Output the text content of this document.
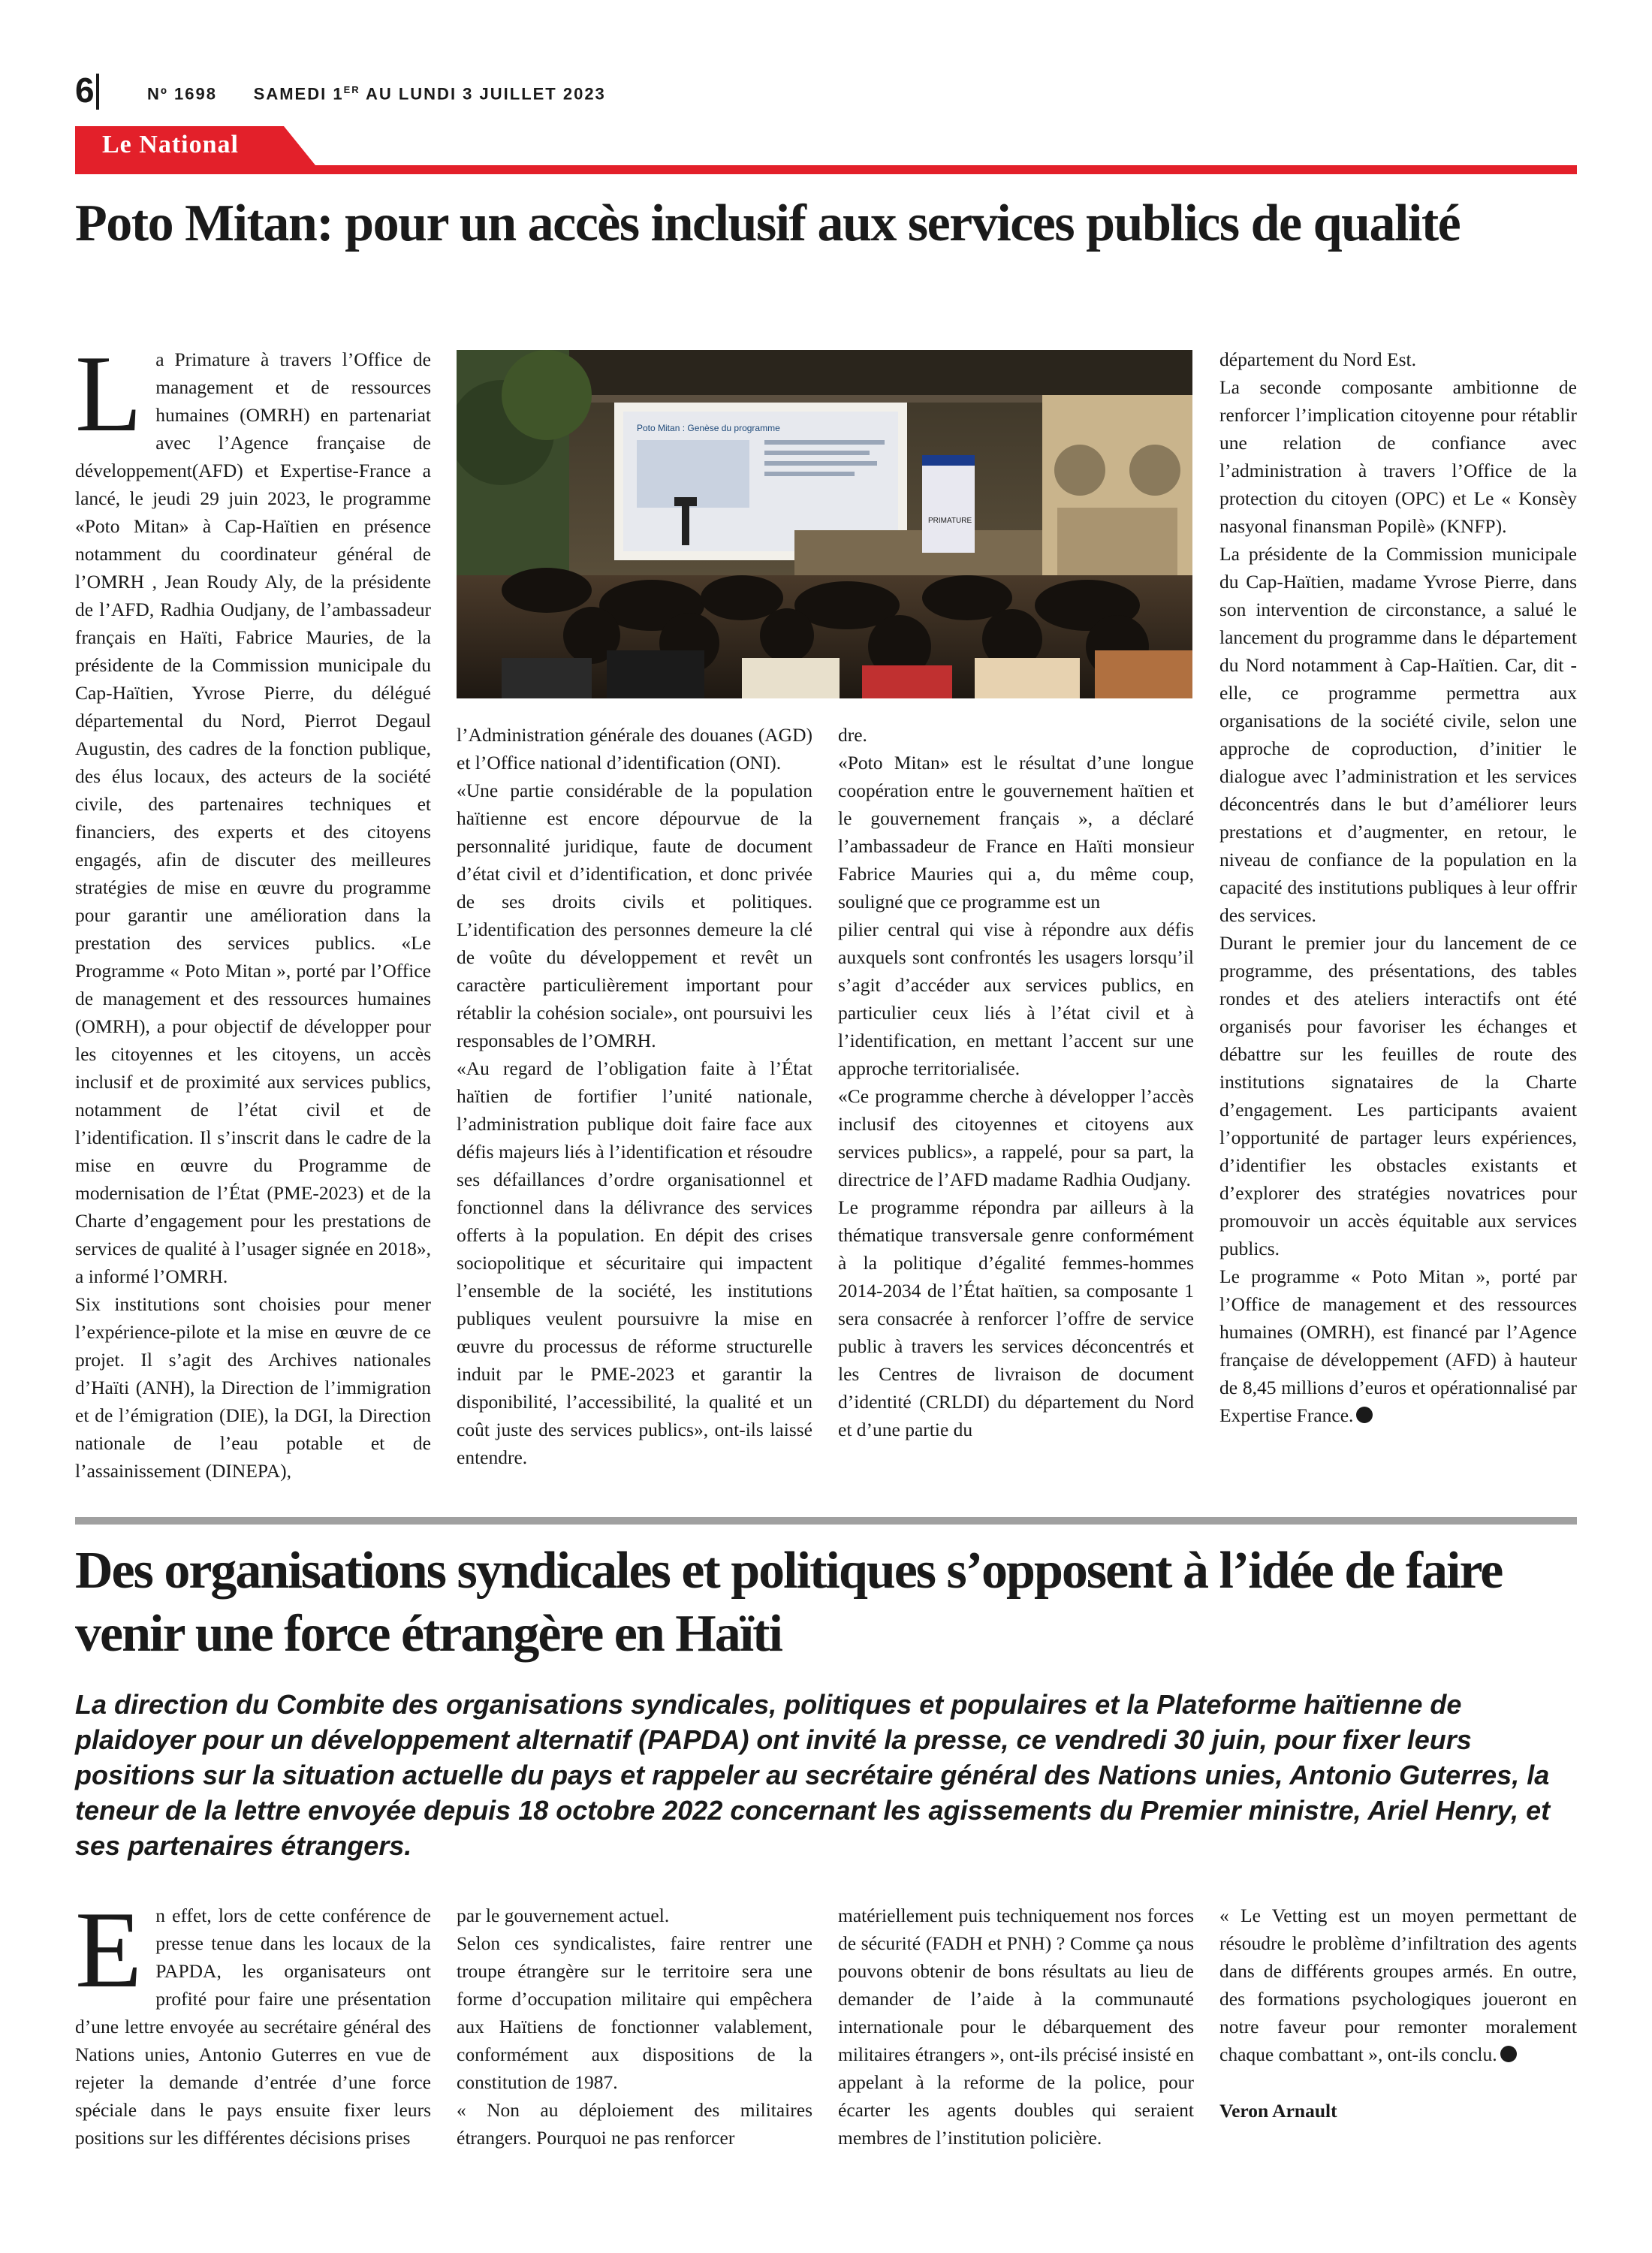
6	Nº 1698 SAMEDI 1ER AU LUNDI 3 JUILLET 2023
Le National
Poto Mitan: pour un accès inclusif aux services publics de qualité

La Primature à travers l’Office de management et de ressources humaines (OMRH) en partenariat avec l’Agence française de développement(AFD) et Expertise-France a lancé, le jeudi 29 juin 2023, le programme «Poto Mitan» à Cap-Haïtien en présence notamment du coordinateur général de l’OMRH , Jean Roudy Aly, de la présidente de l’AFD, Radhia Oudjany, de l’ambassadeur français en Haïti, Fabrice Mauries, de la présidente de la Commission municipale du Cap-Haïtien, Yvrose Pierre, du délégué départemental du Nord, Pierrot Degaul Augustin, des cadres de la fonction publique, des élus locaux, des acteurs de la société civile, des partenaires techniques et financiers, des experts et des citoyens engagés, afin de discuter des meilleures stratégies de mise en œuvre du programme pour garantir une amélioration dans la prestation des services publics. «Le Programme « Poto Mitan », porté par l’Office de management et des ressources humaines (OMRH), a pour objectif de développer pour les citoyennes et les citoyens, un accès inclusif et de proximité aux services publics, notamment de l’état civil et de l’identification. Il s’inscrit dans le cadre de la mise en œuvre du Programme de modernisation de l’État (PME-2023) et de la Charte d’engagement pour les prestations de services de qualité à l’usager signée en 2018», a informé l’OMRH.

Six institutions sont choisies pour mener l’expérience-pilote et la mise en œuvre de ce projet. Il s’agit des Archives nationales d’Haïti (ANH), la Direction de l’immigration et de l’émigration (DIE), la DGI, la Direction nationale de l’eau potable et de l’assainissement (DINEPA),

Poto Mitan : Genèse du programme
PRIMATURE

l’Administration générale des douanes (AGD) et l’Office national d’identification (ONI).

«Une partie considérable de la population haïtienne est encore dépourvue de la personnalité juridique, faute de document d’état civil et d’identification, et donc privée de ses droits civils et politiques. L’identification des personnes demeure la clé de voûte du développement et revêt un caractère particulièrement important pour rétablir la cohésion sociale», ont poursuivi les responsables de l’OMRH.

«Au regard de l’obligation faite à l’État haïtien de fortifier l’unité nationale, l’administration publique doit faire face aux défis majeurs liés à l’identification et résoudre ses défaillances d’ordre organisationnel et fonctionnel dans la délivrance des services offerts à la population. En dépit des crises sociopolitique et sécuritaire qui impactent l’ensemble de la société, les institutions publiques veulent poursuivre la mise en œuvre du processus de réforme structurelle induit par le PME-2023 et garantir la disponibilité, l’accessibilité, la qualité et un coût juste des services publics», ont-ils laissé entendre.

dre.

«Poto Mitan» est le résultat d’une longue coopération entre le gouvernement haïtien et le gouvernement français », a déclaré l’ambassadeur de France en Haïti monsieur Fabrice Mauries qui a, du même coup, souligné que ce programme est un

pilier central qui vise à répondre aux défis auxquels sont confrontés les usagers lorsqu’il s’agit d’accéder aux services publics, en particulier ceux liés à l’état civil et à l’identification, en mettant l’accent sur une approche territorialisée.

«Ce programme cherche à développer l’accès inclusif des citoyennes et citoyens aux services publics», a rappelé, pour sa part, la directrice de l’AFD madame Radhia Oudjany.

Le programme répondra par ailleurs à la thématique transversale genre conformément à la politique d’égalité femmes-hommes 2014-2034 de l’État haïtien, sa composante 1 sera consacrée à renforcer l’offre de service public à travers les services déconcentrés et les Centres de livraison de document d’identité (CRLDI) du département du Nord et d’une partie du

département du Nord Est.

La seconde composante ambitionne de renforcer l’implication citoyenne pour rétablir une relation de confiance avec l’administration à travers l’Office de la protection du citoyen (OPC) et Le « Konsèy nasyonal finansman Popilè» (KNFP).

La présidente de la Commission municipale du Cap-Haïtien, madame Yvrose Pierre, dans son intervention de circonstance, a salué le lancement du programme dans le département du Nord notamment à Cap-Haïtien. Car, dit -elle, ce programme permettra aux organisations de la société civile, selon une approche de coproduction, d’initier le dialogue avec l’administration et les services déconcentrés dans le but d’améliorer leurs prestations et d’augmenter, en retour, le niveau de confiance de la population en la capacité des institutions publiques à leur offrir des services.

Durant le premier jour du lancement de ce programme, des présentations, des tables rondes et des ateliers interactifs ont été organisés pour favoriser les échanges et débattre sur les feuilles de route des institutions signataires de la Charte d’engagement. Les participants avaient l’opportunité de partager leurs expériences, d’identifier les obstacles existants et d’explorer des stratégies novatrices pour promouvoir un accès équitable aux services publics.

Le programme « Poto Mitan », porté par l’Office de management et des ressources humaines (OMRH), est financé par l’Agence française de développement (AFD) à hauteur de 8,45 millions d’euros et opérationnalisé par Expertise France.

Des organisations syndicales et politiques s’opposent à l’idée de faire venir une force étrangère en Haïti
La direction du Combite des organisations syndicales, politiques et populaires et la Plateforme haïtienne de plaidoyer pour un développement alternatif (PAPDA) ont invité la presse, ce vendredi 30 juin, pour fixer leurs positions sur la situation actuelle du pays et rappeler au secrétaire général des Nations unies, Antonio Guterres, la teneur de la lettre envoyée depuis 18 octobre 2022 concernant les agissements du Premier ministre, Ariel Henry, et ses partenaires étrangers.

En effet, lors de cette conférence de presse tenue dans les locaux de la PAPDA, les organisateurs ont profité pour faire une présentation d’une lettre envoyée au secrétaire général des Nations unies, Antonio Guterres en vue de rejeter la demande d’entrée d’une force spéciale dans le pays ensuite fixer leurs positions sur les différentes décisions prises

par le gouvernement actuel.

Selon ces syndicalistes, faire rentrer une troupe étrangère sur le territoire sera une forme d’occupation militaire qui empêchera aux Haïtiens de fonctionner valablement, conformément aux dispositions de la constitution de 1987.

« Non au déploiement des militaires étrangers. Pourquoi ne pas renforcer

matériellement puis techniquement nos forces de sécurité (FADH et PNH) ? Comme ça nous pouvons obtenir de bons résultats au lieu de demander de l’aide à la communauté internationale pour le débarquement des militaires étrangers », ont-ils précisé insisté en appelant à la reforme de la police, pour écarter les agents doubles qui seraient membres de l’institution policière.

« Le Vetting est un moyen permettant de résoudre le problème d’infiltration des agents dans de différents groupes armés. En outre, des formations psychologiques joueront en notre faveur pour remonter moralement chaque combattant », ont-ils conclu.

Veron Arnault
